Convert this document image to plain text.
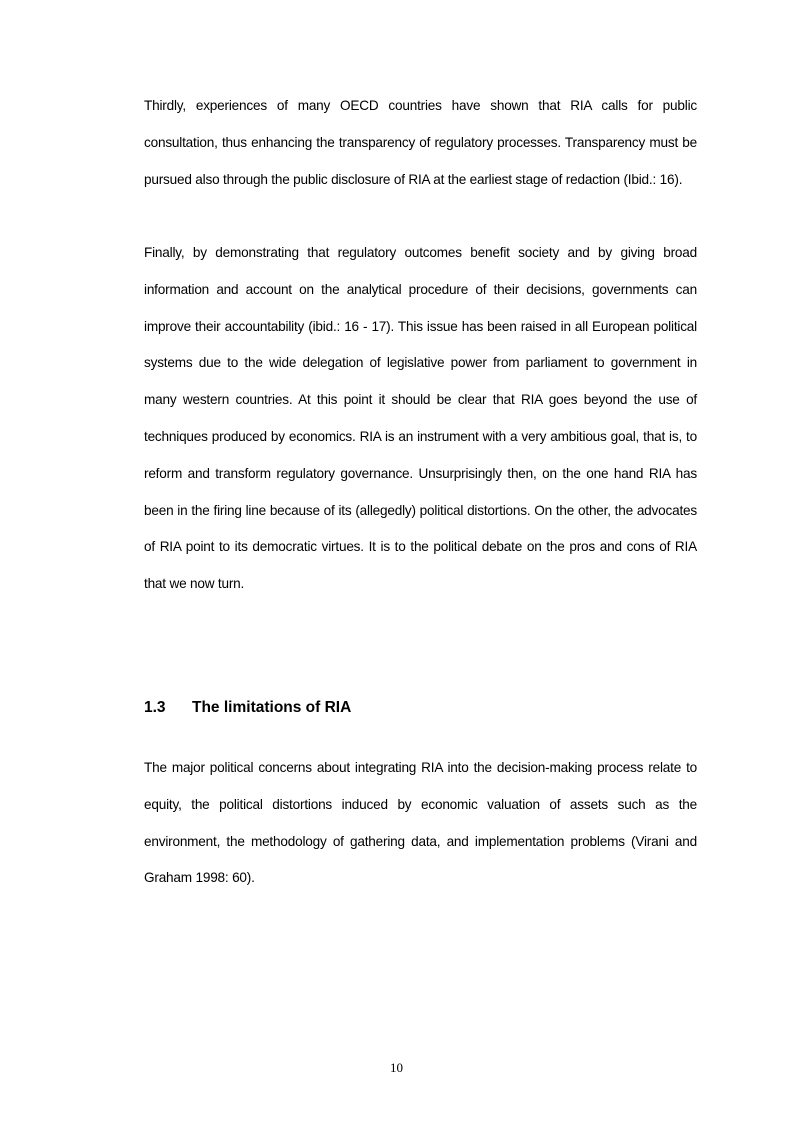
Thirdly, experiences of many OECD countries have shown that RIA calls for public consultation, thus enhancing the transparency of regulatory processes. Transparency must be pursued also through the public disclosure of RIA at the earliest stage of redaction (Ibid.: 16).

Finally, by demonstrating that regulatory outcomes benefit society and by giving broad information and account on the analytical procedure of their decisions, governments can improve their accountability (ibid.: 16 - 17). This issue has been raised in all European political systems due to the wide delegation of legislative power from parliament to government in many western countries. At this point it should be clear that RIA goes beyond the use of techniques produced by economics. RIA is an instrument with a very ambitious goal, that is, to reform and transform regulatory governance. Unsurprisingly then, on the one hand RIA has been in the firing line because of its (allegedly) political distortions. On the other, the advocates of RIA point to its democratic virtues. It is to the political debate on the pros and cons of RIA that we now turn.

1.3 The limitations of RIA

The major political concerns about integrating RIA into the decision-making process relate to equity, the political distortions induced by economic valuation of assets such as the environment, the methodology of gathering data, and implementation problems (Virani and Graham 1998: 60).

10
